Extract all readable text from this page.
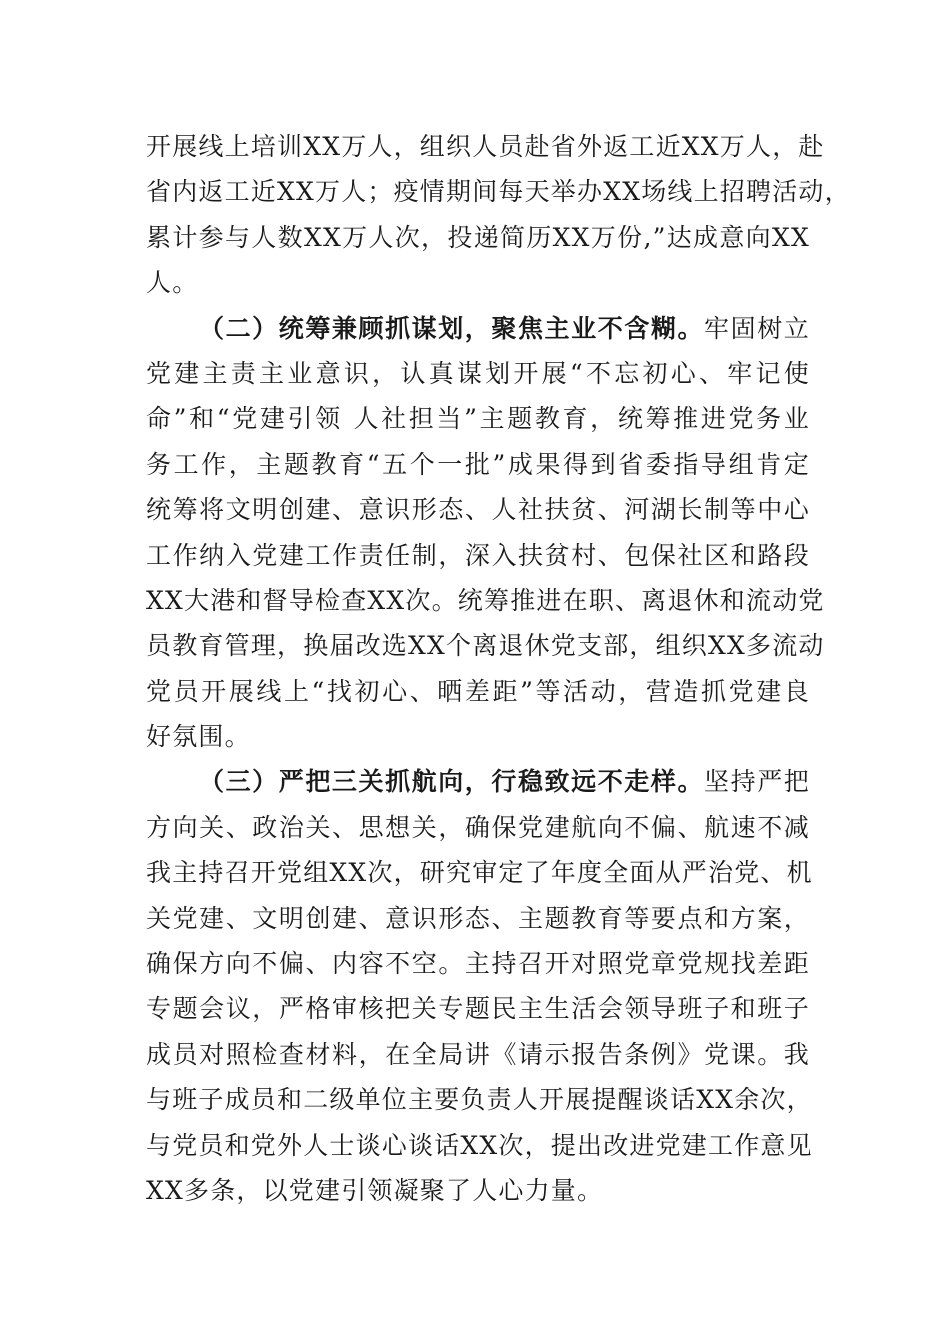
开展线上培训XX万人，组织人员赴省外返工近XX万人，赴
省内返工近XX万人；疫情期间每天举办XX场线上招聘活动，
累计参与人数XX万人次，投递简历XX万份,”达成意向XX
人。
（二）统筹兼顾抓谋划，聚焦主业不含糊。牢固树立
党建主责主业意识，认真谋划开展“不忘初心、牢记使
命”和“党建引领 人社担当”主题教育，统筹推进党务业
务工作，主题教育“五个一批”成果得到省委指导组肯定
统筹将文明创建、意识形态、人社扶贫、河湖长制等中心
工作纳入党建工作责任制，深入扶贫村、包保社区和路段
XX大港和督导检查XX次。统筹推进在职、离退休和流动党
员教育管理，换届改选XX个离退休党支部，组织XX多流动
党员开展线上“找初心、晒差距”等活动，营造抓党建良
好氛围。
（三）严把三关抓航向，行稳致远不走样。坚持严把
方向关、政治关、思想关，确保党建航向不偏、航速不减
我主持召开党组XX次，研究审定了年度全面从严治党、机
关党建、文明创建、意识形态、主题教育等要点和方案，
确保方向不偏、内容不空。主持召开对照党章党规找差距
专题会议，严格审核把关专题民主生活会领导班子和班子
成员对照检查材料，在全局讲《请示报告条例》党课。我
与班子成员和二级单位主要负责人开展提醒谈话XX余次，
与党员和党外人士谈心谈话XX次，提出改进党建工作意见
XX多条，以党建引领凝聚了人心力量。
